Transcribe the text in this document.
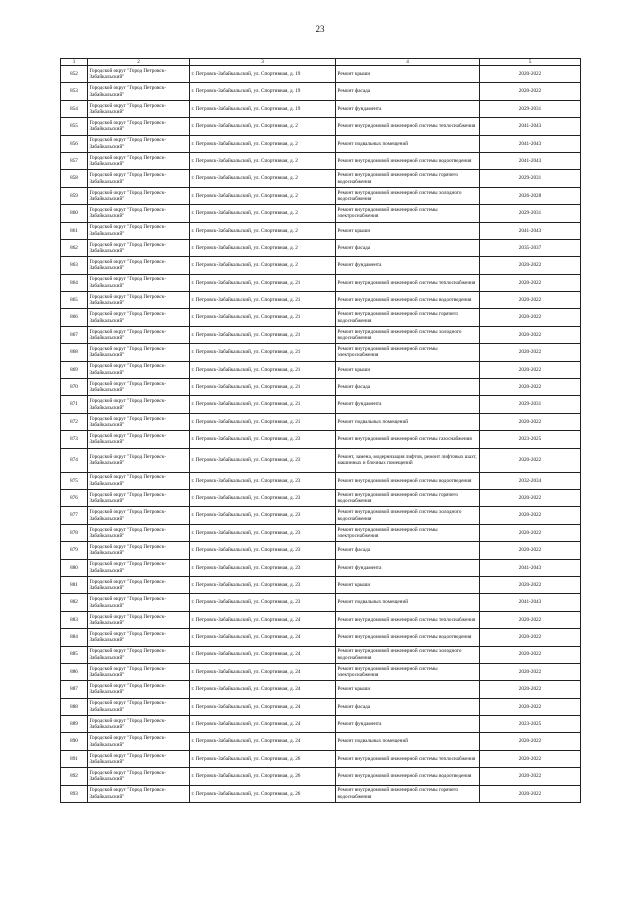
23
1	2	3	4	5
852	Городской округ "Город Петровск-Забайкальский"	г. Петровск-Забайкальский, ул. Спортивная, д. 19	Ремонт крыши	2020-2022
853	Городской округ "Город Петровск-Забайкальский"	г. Петровск-Забайкальский, ул. Спортивная, д. 19	Ремонт фасада	2020-2022
854	Городской округ "Город Петровск-Забайкальский"	г. Петровск-Забайкальский, ул. Спортивная, д. 19	Ремонт фундамента	2029-2031
855	Городской округ "Город Петровск-Забайкальский"	г. Петровск-Забайкальский, ул. Спортивная, д. 2	Ремонт внутридомовой инженерной системы теплоснабжения	2041-2043
856	Городской округ "Город Петровск-Забайкальский"	г. Петровск-Забайкальский, ул. Спортивная, д. 2	Ремонт подвальных помещений	2041-2043
857	Городской округ "Город Петровск-Забайкальский"	г. Петровск-Забайкальский, ул. Спортивная, д. 2	Ремонт внутридомовой инженерной системы водоотведения	2041-2043
858	Городской округ "Город Петровск-Забайкальский"	г. Петровск-Забайкальский, ул. Спортивная, д. 2	Ремонт внутридомовой инженерной системы горячего водоснабжения	2029-2031
859	Городской округ "Город Петровск-Забайкальский"	г. Петровск-Забайкальский, ул. Спортивная, д. 2	Ремонт внутридомовой инженерной системы холодного водоснабжения	2026-2028
860	Городской округ "Город Петровск-Забайкальский"	г. Петровск-Забайкальский, ул. Спортивная, д. 2	Ремонт внутридомовой инженерной системы электроснабжения	2029-2031
861	Городской округ "Город Петровск-Забайкальский"	г. Петровск-Забайкальский, ул. Спортивная, д. 2	Ремонт крыши	2041-2043
862	Городской округ "Город Петровск-Забайкальский"	г. Петровск-Забайкальский, ул. Спортивная, д. 2	Ремонт фасада	2035-2037
863	Городской округ "Город Петровск-Забайкальский"	г. Петровск-Забайкальский, ул. Спортивная, д. 2	Ремонт фундамента	2020-2022
864	Городской округ "Город Петровск-Забайкальский"	г. Петровск-Забайкальский, ул. Спортивная, д. 21	Ремонт внутридомовой инженерной системы теплоснабжения	2020-2022
865	Городской округ "Город Петровск-Забайкальский"	г. Петровск-Забайкальский, ул. Спортивная, д. 21	Ремонт внутридомовой инженерной системы водоотведения	2020-2022
866	Городской округ "Город Петровск-Забайкальский"	г. Петровск-Забайкальский, ул. Спортивная, д. 21	Ремонт внутридомовой инженерной системы горячего водоснабжения	2020-2022
867	Городской округ "Город Петровск-Забайкальский"	г. Петровск-Забайкальский, ул. Спортивная, д. 21	Ремонт внутридомовой инженерной системы холодного водоснабжения	2020-2022
868	Городской округ "Город Петровск-Забайкальский"	г. Петровск-Забайкальский, ул. Спортивная, д. 21	Ремонт внутридомовой инженерной системы электроснабжения	2020-2022
869	Городской округ "Город Петровск-Забайкальский"	г. Петровск-Забайкальский, ул. Спортивная, д. 21	Ремонт крыши	2020-2022
870	Городской округ "Город Петровск-Забайкальский"	г. Петровск-Забайкальский, ул. Спортивная, д. 21	Ремонт фасада	2020-2022
871	Городской округ "Город Петровск-Забайкальский"	г. Петровск-Забайкальский, ул. Спортивная, д. 21	Ремонт фундамента	2029-2031
872	Городской округ "Город Петровск-Забайкальский"	г. Петровск-Забайкальский, ул. Спортивная, д. 21	Ремонт подвальных помещений	2020-2022
873	Городской округ "Город Петровск-Забайкальский"	г. Петровск-Забайкальский, ул. Спортивная, д. 23	Ремонт внутридомовой инженерной системы газоснабжения	2023-2025
874	Городской округ "Город Петровск-Забайкальский"	г. Петровск-Забайкальский, ул. Спортивная, д. 23	Ремонт, замена, модернизация лифтов, ремонт лифтовых шахт, машинных и блочных помещений	2020-2022
875	Городской округ "Город Петровск-Забайкальский"	г. Петровск-Забайкальский, ул. Спортивная, д. 23	Ремонт внутридомовой инженерной системы водоотведения	2032-2034
876	Городской округ "Город Петровск-Забайкальский"	г. Петровск-Забайкальский, ул. Спортивная, д. 23	Ремонт внутридомовой инженерной системы горячего водоснабжения	2020-2022
877	Городской округ "Город Петровск-Забайкальский"	г. Петровск-Забайкальский, ул. Спортивная, д. 23	Ремонт внутридомовой инженерной системы холодного водоснабжения	2020-2022
878	Городской округ "Город Петровск-Забайкальский"	г. Петровск-Забайкальский, ул. Спортивная, д. 23	Ремонт внутридомовой инженерной системы электроснабжения	2020-2022
879	Городской округ "Город Петровск-Забайкальский"	г. Петровск-Забайкальский, ул. Спортивная, д. 23	Ремонт фасада	2020-2022
880	Городской округ "Город Петровск-Забайкальский"	г. Петровск-Забайкальский, ул. Спортивная, д. 23	Ремонт фундамента	2041-2043
881	Городской округ "Город Петровск-Забайкальский"	г. Петровск-Забайкальский, ул. Спортивная, д. 23	Ремонт крыши	2020-2022
882	Городской округ "Город Петровск-Забайкальский"	г. Петровск-Забайкальский, ул. Спортивная, д. 23	Ремонт подвальных помещений	2041-2043
883	Городской округ "Город Петровск-Забайкальский"	г. Петровск-Забайкальский, ул. Спортивная, д. 24	Ремонт внутридомовой инженерной системы теплоснабжения	2020-2022
884	Городской округ "Город Петровск-Забайкальский"	г. Петровск-Забайкальский, ул. Спортивная, д. 24	Ремонт внутридомовой инженерной системы водоотведения	2020-2022
885	Городской округ "Город Петровск-Забайкальский"	г. Петровск-Забайкальский, ул. Спортивная, д. 24	Ремонт внутридомовой инженерной системы холодного водоснабжения	2020-2022
886	Городской округ "Город Петровск-Забайкальский"	г. Петровск-Забайкальский, ул. Спортивная, д. 24	Ремонт внутридомовой инженерной системы электроснабжения	2020-2022
887	Городской округ "Город Петровск-Забайкальский"	г. Петровск-Забайкальский, ул. Спортивная, д. 24	Ремонт крыши	2020-2022
888	Городской округ "Город Петровск-Забайкальский"	г. Петровск-Забайкальский, ул. Спортивная, д. 24	Ремонт фасада	2020-2022
889	Городской округ "Город Петровск-Забайкальский"	г. Петровск-Забайкальский, ул. Спортивная, д. 24	Ремонт фундамента	2023-2025
890	Городской округ "Город Петровск-Забайкальский"	г. Петровск-Забайкальский, ул. Спортивная, д. 24	Ремонт подвальных помещений	2020-2022
891	Городской округ "Город Петровск-Забайкальский"	г. Петровск-Забайкальский, ул. Спортивная, д. 26	Ремонт внутридомовой инженерной системы теплоснабжения	2020-2022
892	Городской округ "Город Петровск-Забайкальский"	г. Петровск-Забайкальский, ул. Спортивная, д. 26	Ремонт внутридомовой инженерной системы водоотведения	2020-2022
893	Городской округ "Город Петровск-Забайкальский"	г. Петровск-Забайкальский, ул. Спортивная, д. 26	Ремонт внутридомовой инженерной системы горячего водоснабжения	2020-2022
